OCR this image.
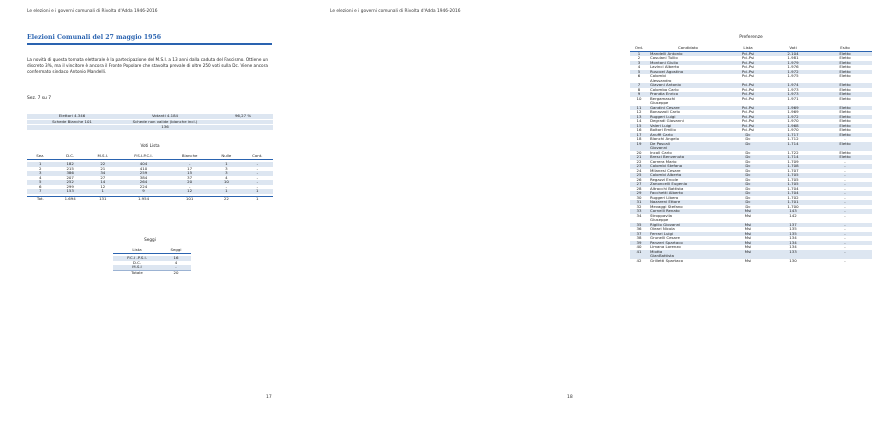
Le elezioni e i governi comunali di Rivolta d'Adda 1946-2016
Elezioni Comunali del 27 maggio 1956
La novità di questa tornata elettorale è la partecipazione del M.S.I. a 13 anni dalla caduta del Fascismo. Ottiene un discreto 3%, ma il vincitore è ancora il Fronte Popolare che stavolta prevale di oltre 250 voti sulla Dc. Viene ancora confermato sindaco Antonio Mandelli.
Sez. 7 su 7
Elettori 4.346	Votanti 4.184	96,27 %
Schede Bianche 101	Schede non valide (bianche incl.)	
	136	
Voti Lista
Sez.	D.C.	M.S.I.	P.S.I-P.C.I.	Bianche	Nulle	Cont.

1	182	22	404	-	1	-
2	215	21	410	17	3	-
3	386	34	259	15	3	-
4	207	27	384	37	4	-
5	252	14	264	20	10	-
6	299	12	224	-	-	-
7	153	1	9	12	1	1

Tot.	1.694	131	1.954	101	22	1
Seggi
Lista	Seggi

P.C.I -P.S.I.	16
D.C.	4
M.S.I	-
Totale	20
17
Preferenze
Ord.	Candidato	Lista	Voti	Esito
1	Mandelli Antonio	Pci-Psi	2.104	Eletto
2	Cosulani Tullio	Pci-Psi	1.981	Eletto
3	Montani Giulio	Pci-Psi	1.979	Eletto
4	Lavinci Alberto	Pci-Psi	1.976	Eletto
5	Ruscoei Agostino	Pci-Psi	1.972	Eletto
6	Colombi	Pci-Psi	1.975	Eletto
	Alessandro			
7	Giavani Antonio	Pci-Psi	1.974	Eletto
8	Colombo Carlo	Pci-Psi	1.973	Eletto
9	Prandia Enrico	Pci-Psi	1.973	Eletto
10	Bergamaschi	Pci-Psi	1.971	Eletto
	Giuseppe			
11	Gandini Cesare	Pci-Psi	1.969	Eletto
12	Bonazzoli Carlo	Pci-Psi	1.969	Eletto
13	Ruggeri Luigi	Pci-Psi	1.972	Eletto
14	Degradi Giovanni	Pci-Psi	1.970	Eletto
15	Valeri Luigi	Pci-Psi	1.968	Eletto
16	Boltori Emilio	Pci-Psi	1.970	Eletto
17	Anuffi Carlo	Dc	1.717	Eletto
18	Blanchi Angelo	Dc	1.712	-
19	De Pascali	Dc	1.714	Eletto
	Giovanni			
20	Incoll Carlo	Dc	1.722	Eletto
21	Bresci Benvenuto	Dc	1.714	Eletto
22	Carrera Mario	Dc	1.709	-
23	Colombi Stefano	Dc	1.708	-
24	Milanesi Cesare	Dc	1.707	-
25	Colombi Alberto	Dc	1.705	-
26	Regazzi Ercole	Dc	1.705	-
27	Zanoncelli Eugenio	Dc	1.705	-
28	Altrocchi Battista	Dc	1.704	-
29	Facchetti Alberto	Dc	1.704	-
30	Ruggeri Libero	Dc	1.702	-
31	Nazareni Ettore	Dc	1.701	-
32	Mevaggi Stefano	Dc	1.700	-
33	Cornelli Renato	Msi	143	-
34	Stroppaviia	Msi	142	-
	Giuseppe			
35	Rigilio Giovanni	Msi	137	-
36	Oleari Nicola	Msi	135	-
37	Ferrari Luigi	Msi	135	-
38	Grunelli Cesare	Msi	134	-
39	Panzeri Spartaco	Msi	134	-
40	Limana Lorenzo	Msi	134	-
41	Miotta	Msi	133	-
	GianBattista			
42	Grilletti Spartaco	Msi	130	-
18
Le elezioni e i governi comunali di Rivolta d'Adda 1946-2016
